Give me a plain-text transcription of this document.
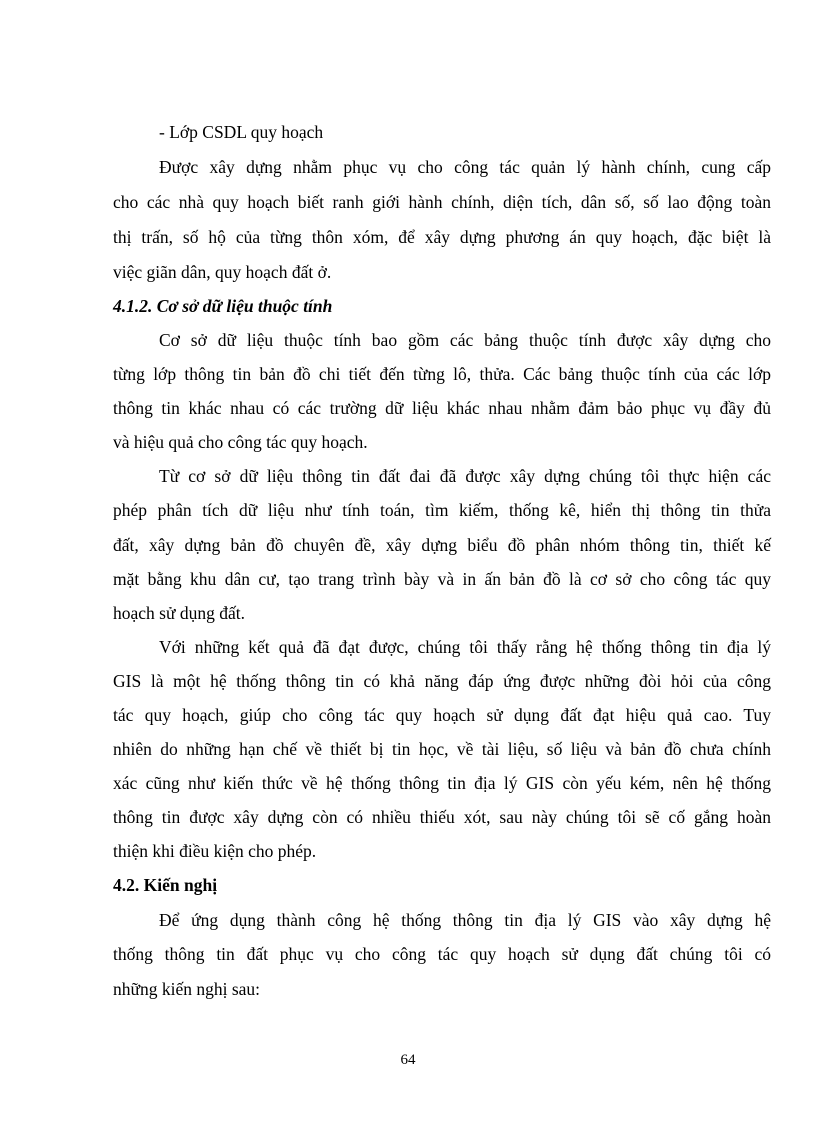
- Lớp CSDL quy hoạch
Được xây dựng nhằm phục vụ cho công tác quản lý hành chính, cung cấp
cho các nhà quy hoạch biết ranh giới hành chính, diện tích, dân số, số lao động toàn
thị trấn, số hộ của từng thôn xóm, để xây dựng phương án quy hoạch, đặc biệt là
việc giãn dân, quy hoạch đất ở.
4.1.2. Cơ sở dữ liệu thuộc tính
Cơ sở dữ liệu thuộc tính bao gồm các bảng thuộc tính được xây dựng cho
từng lớp thông tin bản đồ chi tiết đến từng lô, thửa. Các bảng thuộc tính của các lớp
thông tin khác nhau có các trường dữ liệu khác nhau nhằm đảm bảo phục vụ đầy đủ
và hiệu quả cho công tác quy hoạch.
Từ cơ sở dữ liệu thông tin đất đai đã được xây dựng chúng tôi thực hiện các
phép phân tích dữ liệu như tính toán, tìm kiếm, thống kê, hiển thị thông tin thửa
đất, xây dựng bản đồ chuyên đề, xây dựng biểu đồ phân nhóm thông tin, thiết kế
mặt bằng khu dân cư, tạo trang trình bày và in ấn bản đồ là cơ sở cho công tác quy
hoạch sử dụng đất.
Với những kết quả đã đạt được, chúng tôi thấy rằng hệ thống thông tin địa lý
GIS là một hệ thống thông tin có khả năng đáp ứng được những đòi hỏi của công
tác quy hoạch, giúp cho công tác quy hoạch sử dụng đất đạt hiệu quả cao. Tuy
nhiên do những hạn chế về thiết bị tin học, về tài liệu, số liệu và bản đồ chưa chính
xác cũng như kiến thức về hệ thống thông tin địa lý GIS còn yếu kém, nên hệ thống
thông tin được xây dựng còn có nhiều thiếu xót, sau này chúng tôi sẽ cố gắng hoàn
thiện khi điều kiện cho phép.
4.2. Kiến nghị
Để ứng dụng thành công hệ thống thông tin địa lý GIS vào xây dựng hệ
thống thông tin đất phục vụ cho công tác quy hoạch sử dụng đất chúng tôi có
những kiến nghị sau:
64
